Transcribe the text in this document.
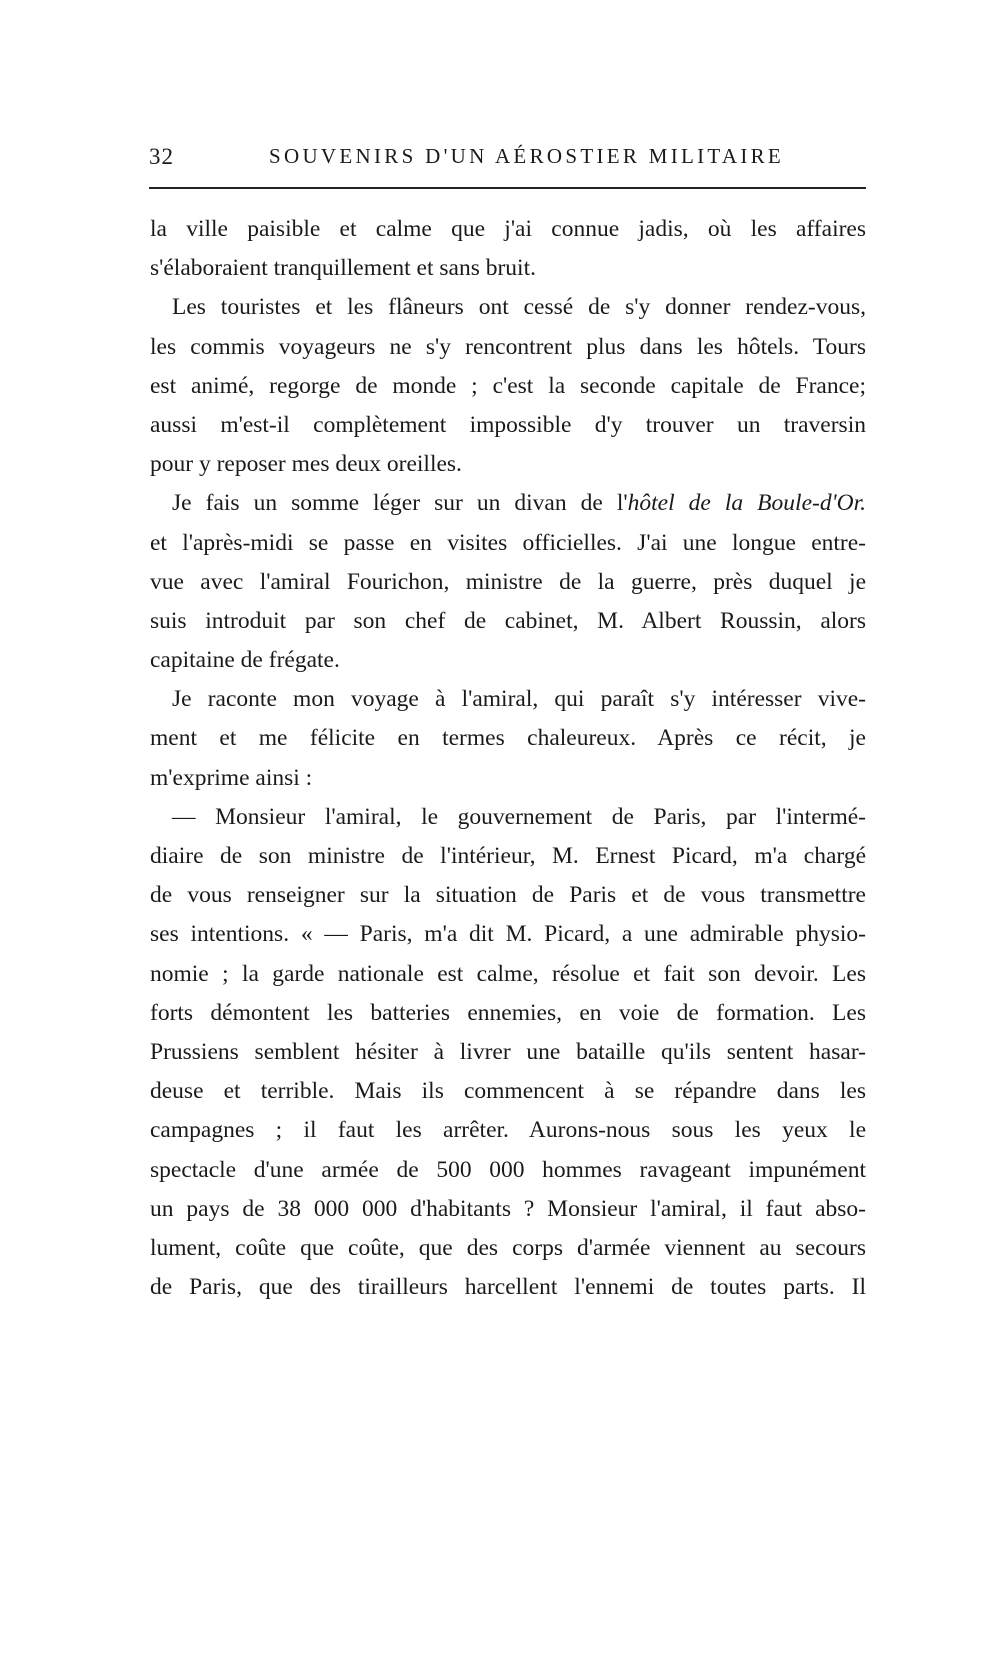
32	SOUVENIRS D'UN AÉROSTIER MILITAIRE
la ville paisible et calme que j'ai connue jadis, où les affaires
s'élaboraient tranquillement et sans bruit.
Les touristes et les flâneurs ont cessé de s'y donner rendez-vous,
les commis voyageurs ne s'y rencontrent plus dans les hôtels. Tours
est animé, regorge de monde ; c'est la seconde capitale de France;
aussi m'est-il complètement impossible d'y trouver un traversin
pour y reposer mes deux oreilles.
Je fais un somme léger sur un divan de l'hôtel de la Boule-d'Or.
et l'après-midi se passe en visites officielles. J'ai une longue entre-
vue avec l'amiral Fourichon, ministre de la guerre, près duquel je
suis introduit par son chef de cabinet, M. Albert Roussin, alors
capitaine de frégate.
Je raconte mon voyage à l'amiral, qui paraît s'y intéresser vive-
ment et me félicite en termes chaleureux. Après ce récit, je
m'exprime ainsi :
— Monsieur l'amiral, le gouvernement de Paris, par l'intermé-
diaire de son ministre de l'intérieur, M. Ernest Picard, m'a chargé
de vous renseigner sur la situation de Paris et de vous transmettre
ses intentions. « — Paris, m'a dit M. Picard, a une admirable physio-
nomie ; la garde nationale est calme, résolue et fait son devoir. Les
forts démontent les batteries ennemies, en voie de formation. Les
Prussiens semblent hésiter à livrer une bataille qu'ils sentent hasar-
deuse et terrible. Mais ils commencent à se répandre dans les
campagnes ; il faut les arrêter. Aurons-nous sous les yeux le
spectacle d'une armée de 500 000 hommes ravageant impunément
un pays de 38 000 000 d'habitants ? Monsieur l'amiral, il faut abso-
lument, coûte que coûte, que des corps d'armée viennent au secours
de Paris, que des tirailleurs harcellent l'ennemi de toutes parts. Il
